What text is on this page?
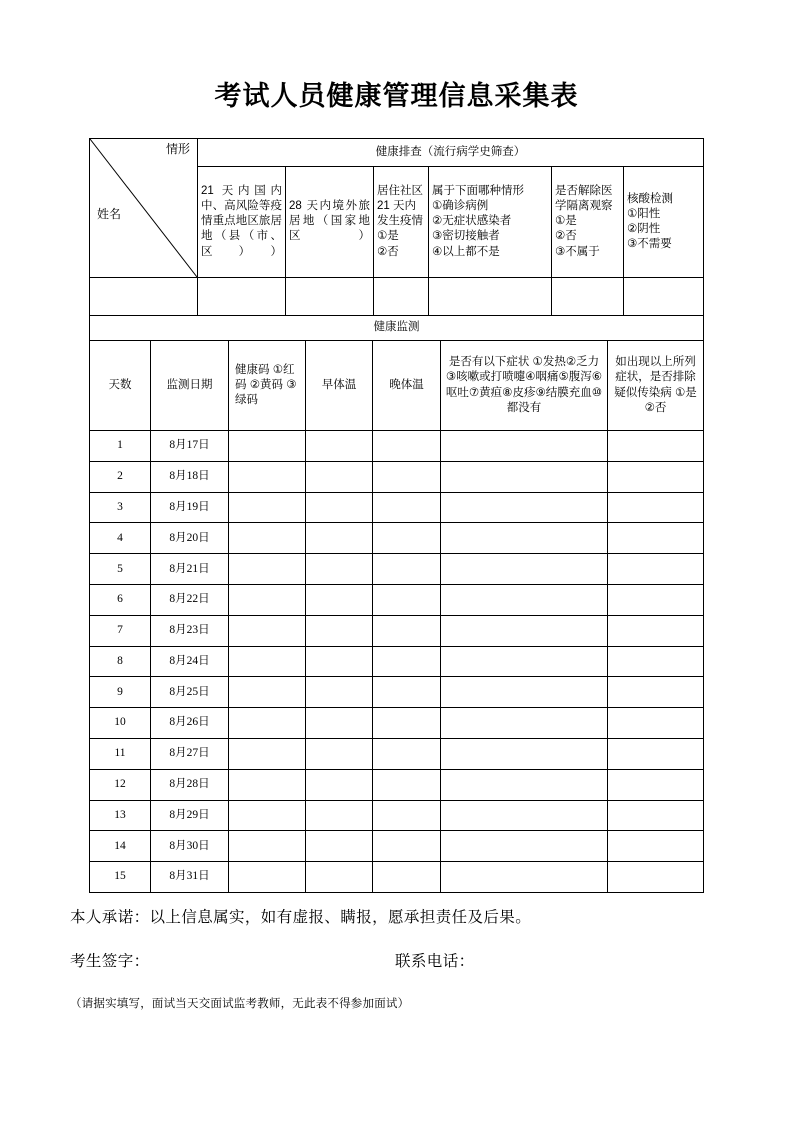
考试人员健康管理信息采集表
情形
姓名	健康排查（流行病学史筛查）					
	21 天内国内中、高风险等疫情重点地区旅居地（县（市、区））	28 天内境外旅居地（国家地区）	居住社区 21 天内发生疫情
①是
②否	属于下面哪种情形
①确诊病例
②无症状感染者
③密切接触者
④以上都不是	是否解除医学隔离观察
①是
②否
③不属于	核酸检测
①阳性
②阴性
③不需要

健康监测						
天数	监测日期	健康码 ①红码 ②黄码 ③绿码	早体温	晚体温	是否有以下症状 ①发热②乏力③咳嗽或打喷嚏④咽痛⑤腹泻⑥呕吐⑦黄疸⑧皮疹⑨结膜充血⑩都没有	如出现以上所列症状，是否排除疑似传染病 ①是　②否
1	8月17日					
2	8月18日					
3	8月19日					
4	8月20日					
5	8月21日					
6	8月22日					
7	8月23日					
8	8月24日					
9	8月25日					
10	8月26日					
11	8月27日					
12	8月28日					
13	8月29日					
14	8月30日					
15	8月31日					

本人承诺：以上信息属实，如有虚报、瞒报，愿承担责任及后果。

考生签字：	联系电话：

（请据实填写，面试当天交面试监考教师，无此表不得参加面试）
